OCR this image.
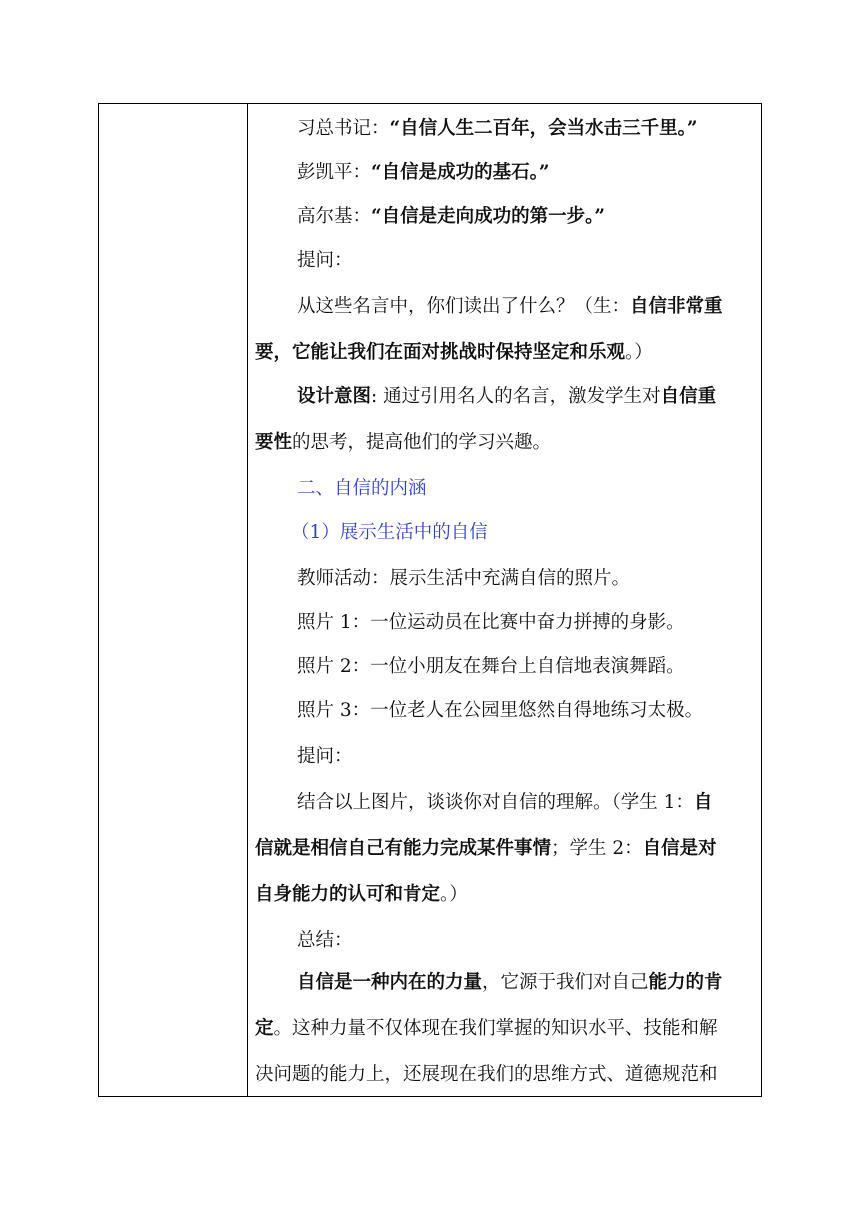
习总书记：“自信人生二百年，会当水击三千里。”
彭凯平：“自信是成功的基石。”
高尔基：“自信是走向成功的第一步。”
提问：
从这些名言中，你们读出了什么？（生：自信非常重
要，它能让我们在面对挑战时保持坚定和乐观。）
设计意图: 通过引用名人的名言，激发学生对自信重
要性的思考，提高他们的学习兴趣。
二、自信的内涵
（1）展示生活中的自信
教师活动：展示生活中充满自信的照片。
照片 1：一位运动员在比赛中奋力拼搏的身影。
照片 2：一位小朋友在舞台上自信地表演舞蹈。
照片 3：一位老人在公园里悠然自得地练习太极。
提问：
结合以上图片，谈谈你对自信的理解。（学生 1：自
信就是相信自己有能力完成某件事情；学生 2：自信是对
自身能力的认可和肯定。）
总结：
自信是一种内在的力量，它源于我们对自己能力的肯
定。这种力量不仅体现在我们掌握的知识水平、技能和解
决问题的能力上，还展现在我们的思维方式、道德规范和
